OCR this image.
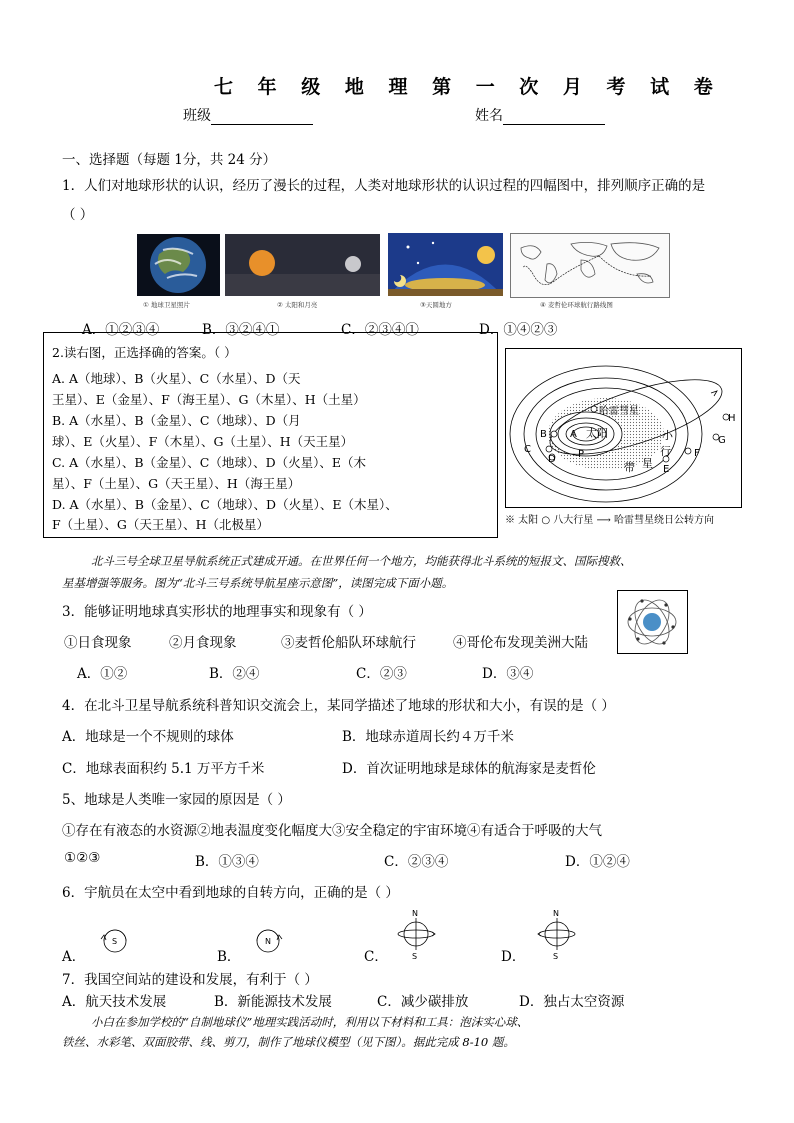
七 年 级 地 理 第 一 次 月 考 试 卷
班级	姓名
一、选择题（每题 1分，共 24 分）
1．人们对地球形状的认识，经历了漫长的过程，人类对地球形状的认识过程的四幅图中，排列顺序正确的是
（ ）
① 地球卫星照片	② 太阳和月亮	③天圆地方	④ 麦哲伦环球航行路线图
A．①②③④	B．③②④①	C．②③④①	D．①④②③
2.读右图，正选择确的答案。（ ）
A. A（地球）、B（火星）、C（水星）、D（天
王星）、E（金星）、F（海王星）、G（木星）、H（土星）
B. A（水星）、B（金星）、C（地球）、D（月
球）、E（火星）、F（木星）、G（土星）、H（天王星）
C. A（水星）、B（金星）、C（地球）、D（火星）、E（木
星）、F（土星）、G（天王星）、H（海王星）
D. A（水星）、B（金星）、C（地球）、D（火星）、E（木星）、
F（土星）、G（天王星）、H（北极星）
A 太阳
哈雷彗星
B
C
D
E
F
G
H
P
小
行
带 星
※ 太阳 ○ 八大行星 ⟶ 哈雷彗星绕日公转方向
北斗三号全球卫星导航系统正式建成开通。在世界任何一个地方，均能获得北斗系统的短报文、国际搜救、
星基增强等服务。图为“北斗三号系统导航星座示意图”，读图完成下面小题。
3．能够证明地球真实形状的地理事实和现象有（ ）
①日食现象	②月食现象	③麦哲伦船队环球航行	④哥伦布发现美洲大陆
A．①②	B．②④	C．②③	D．③④
4．在北斗卫星导航系统科普知识交流会上，某同学描述了地球的形状和大小，有误的是（ ）
A．地球是一个不规则的球体	B．地球赤道周长约４万千米
C．地球表面积约 5.1 万平方千米	D．首次证明地球是球体的航海家是麦哲伦
5、地球是人类唯一家园的原因是（ ）
①存在有液态的水资源②地表温度变化幅度大③安全稳定的宇宙环境④有适合于呼吸的大气
①②③	B．①③④	C．②③④	D．①②④
6．宇航员在太空中看到地球的自转方向，正确的是（ ）
A．
S
B．
N
C．
N
S	D．
N
S
7．我国空间站的建设和发展，有利于（ ）
A．航天技术发展	B．新能源技术发展	C．减少碳排放	D．独占太空资源
小白在参加学校的“自制地球仪”地理实践活动时，利用以下材料和工具：泡沫实心球、
铁丝、水彩笔、双面胶带、线、剪刀，制作了地球仪模型（见下图）。据此完成 8-10 题。
